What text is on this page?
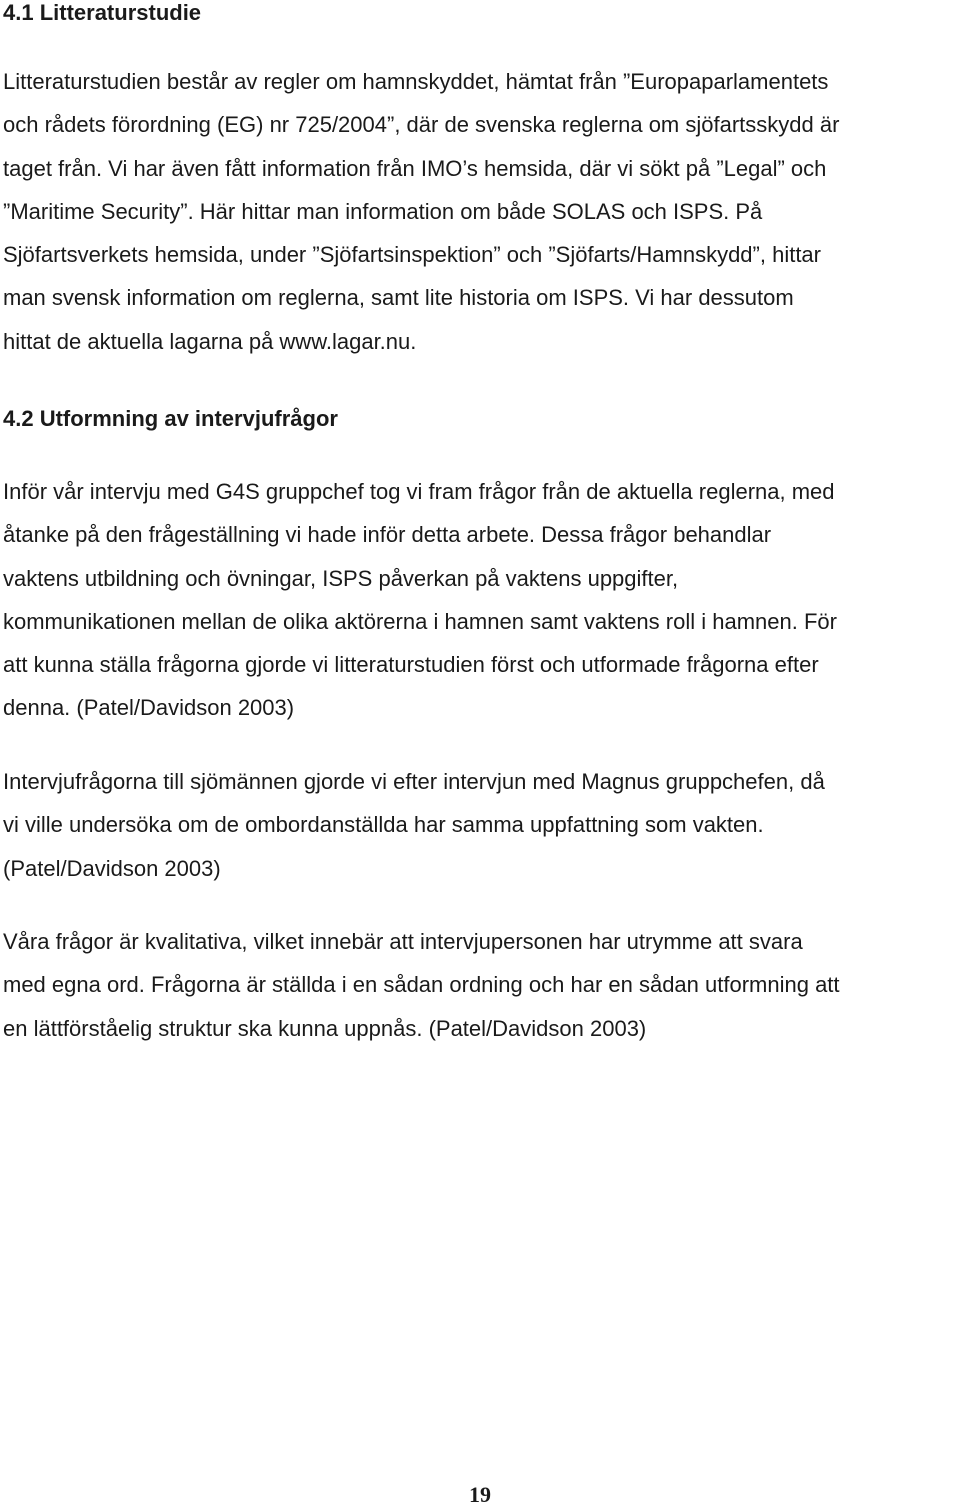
4.1 Litteraturstudie

Litteraturstudien består av regler om hamnskyddet, hämtat från ”Europaparlamentets
och rådets förordning (EG) nr 725/2004”, där de svenska reglerna om sjöfartsskydd är
taget från. Vi har även fått information från IMO’s hemsida, där vi sökt på ”Legal” och
”Maritime Security”. Här hittar man information om både SOLAS och ISPS. På
Sjöfartsverkets hemsida, under ”Sjöfartsinspektion” och ”Sjöfarts/Hamnskydd”, hittar
man svensk information om reglerna, samt lite historia om ISPS. Vi har dessutom
hittat de aktuella lagarna på www.lagar.nu.

4.2 Utformning av intervjufrågor

Inför vår intervju med G4S gruppchef tog vi fram frågor från de aktuella reglerna, med
åtanke på den frågeställning vi hade inför detta arbete. Dessa frågor behandlar
vaktens utbildning och övningar, ISPS påverkan på vaktens uppgifter,
kommunikationen mellan de olika aktörerna i hamnen samt vaktens roll i hamnen. För
att kunna ställa frågorna gjorde vi litteraturstudien först och utformade frågorna efter
denna. (Patel/Davidson 2003)

Intervjufrågorna till sjömännen gjorde vi efter intervjun med Magnus gruppchefen, då
vi ville undersöka om de ombordanställda har samma uppfattning som vakten.
(Patel/Davidson 2003)

Våra frågor är kvalitativa, vilket innebär att intervjupersonen har utrymme att svara
med egna ord. Frågorna är ställda i en sådan ordning och har en sådan utformning att
en lättförståelig struktur ska kunna uppnås. (Patel/Davidson 2003)

19
